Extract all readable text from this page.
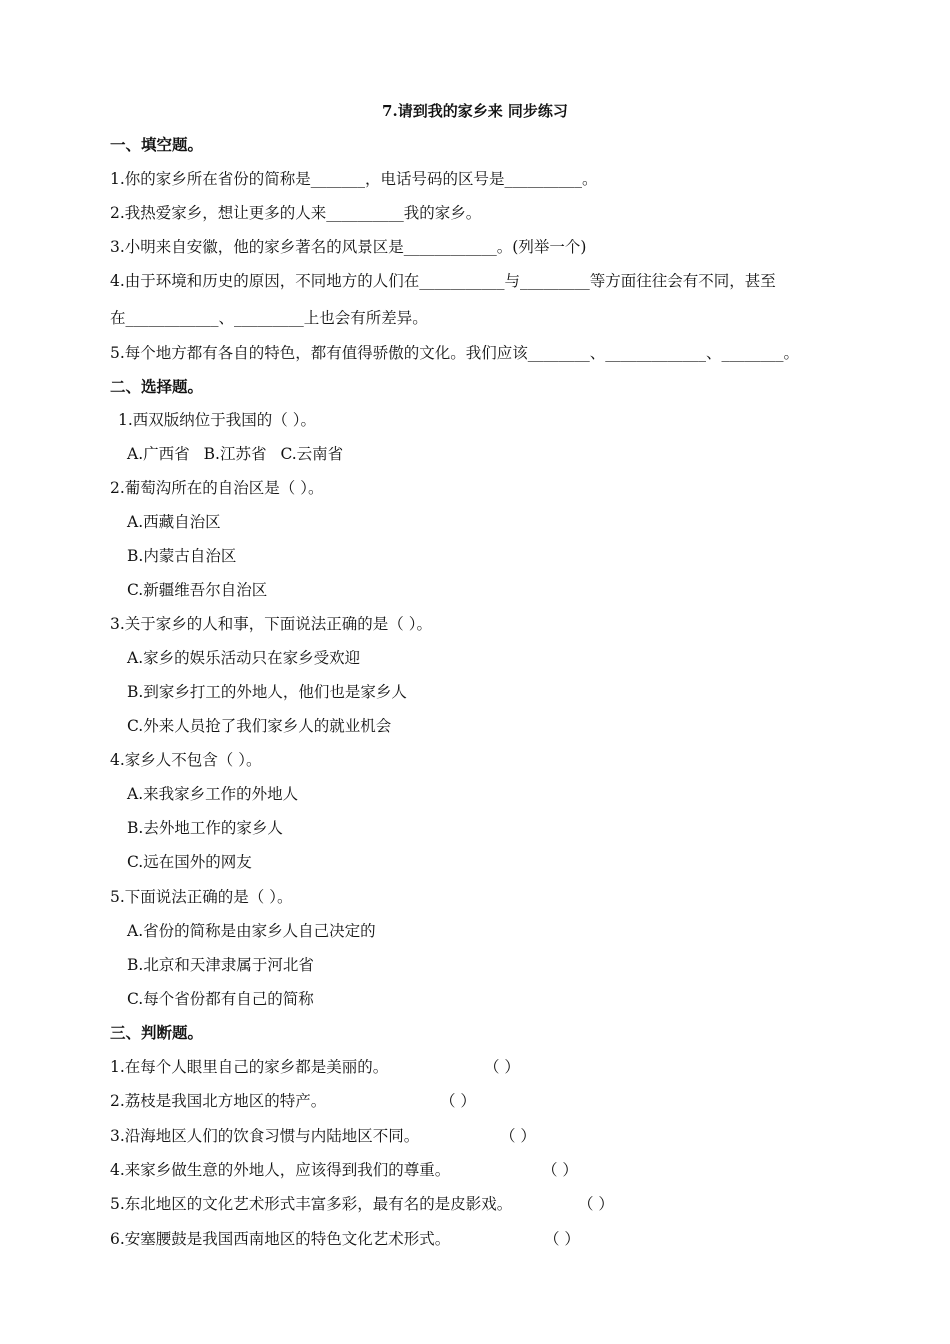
7.请到我的家乡来 同步练习
一、填空题。
1.你的家乡所在省份的简称是_______，电话号码的区号是__________。
2.我热爱家乡，想让更多的人来__________我的家乡。
3.小明来自安徽，他的家乡著名的风景区是____________。(列举一个)
4.由于环境和历史的原因，不同地方的人们在___________与_________等方面往往会有不同，甚至
在____________、_________上也会有所差异。
5.每个地方都有各自的特色，都有值得骄傲的文化。我们应该________、_____________、________。
二、选择题。
1.西双版纳位于我国的（ ）。
A.广西省 B.江苏省 C.云南省
2.葡萄沟所在的自治区是（ ）。
A.西藏自治区
B.内蒙古自治区
C.新疆维吾尔自治区
3.关于家乡的人和事，下面说法正确的是（ ）。
A.家乡的娱乐活动只在家乡受欢迎
B.到家乡打工的外地人，他们也是家乡人
C.外来人员抢了我们家乡人的就业机会
4.家乡人不包含（ ）。
A.来我家乡工作的外地人
B.去外地工作的家乡人
C.远在国外的网友
5.下面说法正确的是（ ）。
A.省份的简称是由家乡人自己决定的
B.北京和天津隶属于河北省
C.每个省份都有自己的简称
三、判断题。
1.在每个人眼里自己的家乡都是美丽的。	（ ）
2.荔枝是我国北方地区的特产。	（ ）
3.沿海地区人们的饮食习惯与内陆地区不同。	（ ）
4.来家乡做生意的外地人，应该得到我们的尊重。	（ ）
5.东北地区的文化艺术形式丰富多彩，最有名的是皮影戏。	（ ）
6.安塞腰鼓是我国西南地区的特色文化艺术形式。	（ ）
